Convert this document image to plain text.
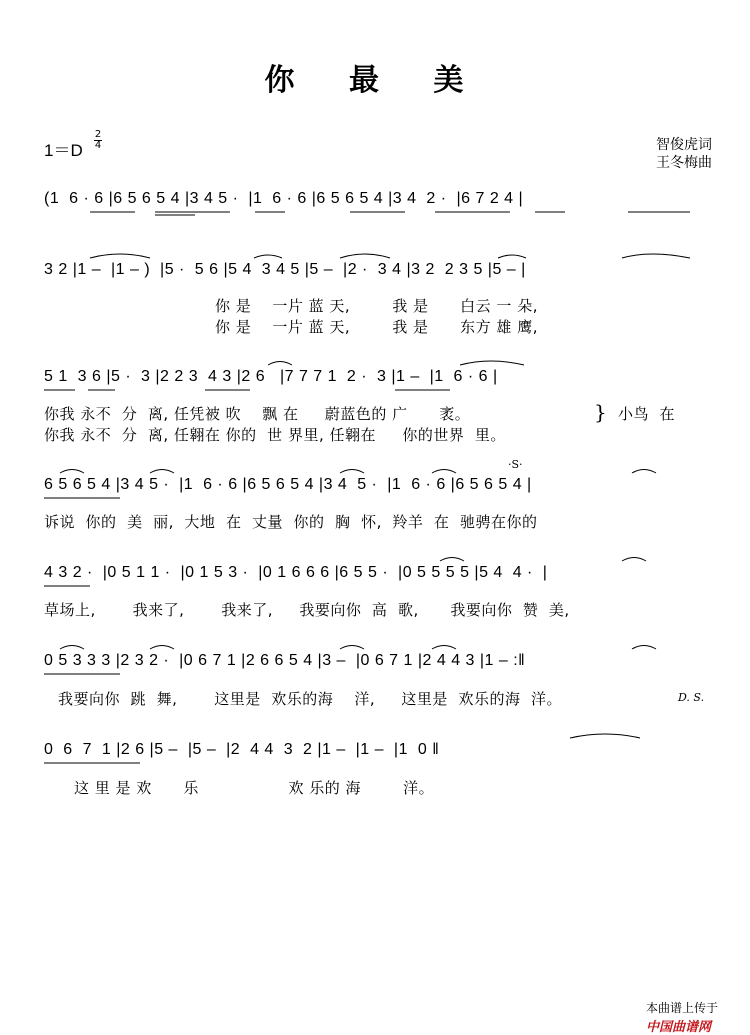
你 最 美
1＝D
2
4	智俊虎词
王冬梅曲
(1  6 · 6 |6 5 6 5 4 |3 4 5 ·  |1  6 · 6 |6 5 6 5 4 |3 4  2 ·  |6 7 2 4 |
3 2 |1 –  |1 – )  |5 ·  5 6 |5 4  3 4 5 |5 –  |2 ·  3 4 |3 2  2 3 5 |5 – |
你 是    一片 蓝 天,        我 是      白云 一 朵,
你 是    一片 蓝 天,        我 是      东方 雄 鹰,
5 1  3 6 |5 ·  3 |2 2 3  4 3 |2 6   |7 7 7 1  2 ·  3 |1 –  |1  6 · 6 |
你我 永不  分  离, 任凭被 吹    飘 在     蔚蓝色的 广      袤。
你我 永不  分  离, 任翱在 你的  世 界里, 任翱在     你的世界  里。
} 小鸟  在
·S·
6 5 6 5 4 |3 4 5 ·  |1  6 · 6 |6 5 6 5 4 |3 4  5 ·  |1  6 · 6 |6 5 6 5 4 |
诉说  你的  美  丽,  大地  在  丈量  你的  胸  怀,  羚羊  在  驰骋在你的
4 3 2 ·  |0 5 1 1 ·  |0 1 5 3 ·  |0 1 6 6 6 |6 5 5 ·  |0 5 5 5 5 |5 4  4 ·  |
草场上,       我来了,       我来了,     我要向你  高  歌,      我要向你  赞  美,
0 5 3 3 3 |2 3 2 ·  |0 6 7 1 |2 6 6 5 4 |3 –  |0 6 7 1 |2 4 4 3 |1 – :‖
我要向你  跳  舞,       这里是  欢乐的海    洋,     这里是  欢乐的海  洋。	D. S.
0  6  7  1 |2 6 |5 –  |5 –  |2  4 4  3  2 |1 –  |1 –  |1  0 ‖
这 里 是 欢      乐                 欢 乐的 海        洋。

本曲谱上传于
中国曲谱网
